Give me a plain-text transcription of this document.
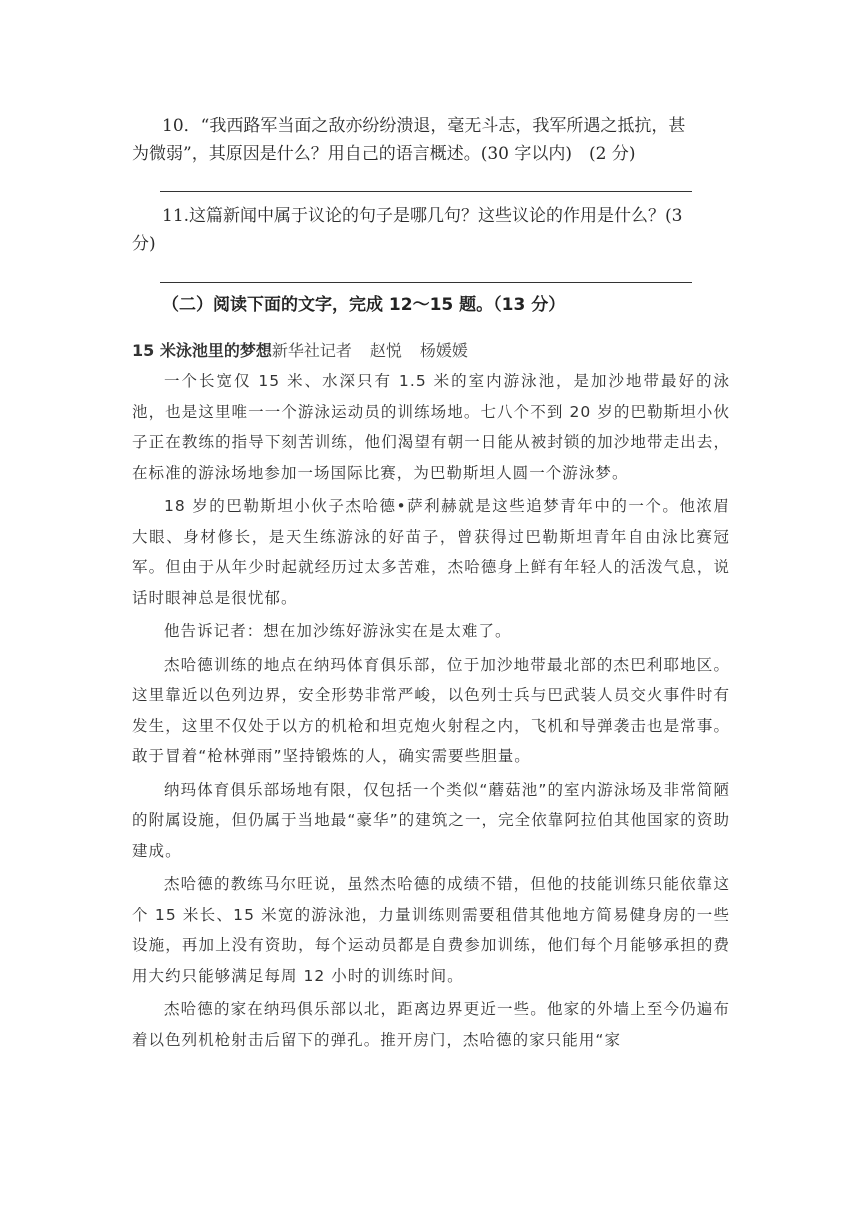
10．“我西路军当面之敌亦纷纷溃退，毫无斗志，我军所遇之抵抗，甚
为微弱”，其原因是什么？用自己的语言概述。(30 字以内)　(2 分)
11.这篇新闻中属于议论的句子是哪几句？这些议论的作用是什么？(3
分)
（二）阅读下面的文字，完成 12～15 题。（13 分）
15 米泳池里的梦想新华社记者 赵悦 杨媛媛

一个长宽仅 15 米、水深只有 1.5 米的室内游泳池，是加沙地带最好的泳池，也是这里唯一一个游泳运动员的训练场地。七八个不到 20 岁的巴勒斯坦小伙子正在教练的指导下刻苦训练，他们渴望有朝一日能从被封锁的加沙地带走出去，在标准的游泳场地参加一场国际比赛，为巴勒斯坦人圆一个游泳梦。

18 岁的巴勒斯坦小伙子杰哈德•萨利赫就是这些追梦青年中的一个。他浓眉大眼、身材修长，是天生练游泳的好苗子，曾获得过巴勒斯坦青年自由泳比赛冠军。但由于从年少时起就经历过太多苦难，杰哈德身上鲜有年轻人的活泼气息，说话时眼神总是很忧郁。

他告诉记者：想在加沙练好游泳实在是太难了。

杰哈德训练的地点在纳玛体育俱乐部，位于加沙地带最北部的杰巴利耶地区。这里靠近以色列边界，安全形势非常严峻，以色列士兵与巴武装人员交火事件时有发生，这里不仅处于以方的机枪和坦克炮火射程之内，飞机和导弹袭击也是常事。敢于冒着“枪林弹雨”坚持锻炼的人，确实需要些胆量。

纳玛体育俱乐部场地有限，仅包括一个类似“蘑菇池”的室内游泳场及非常简陋的附属设施，但仍属于当地最“豪华”的建筑之一，完全依靠阿拉伯其他国家的资助建成。

杰哈德的教练马尔旺说，虽然杰哈德的成绩不错，但他的技能训练只能依靠这个 15 米长、15 米宽的游泳池，力量训练则需要租借其他地方简易健身房的一些设施，再加上没有资助，每个运动员都是自费参加训练，他们每个月能够承担的费用大约只能够满足每周 12 小时的训练时间。

杰哈德的家在纳玛俱乐部以北，距离边界更近一些。他家的外墙上至今仍遍布着以色列机枪射击后留下的弹孔。推开房门，杰哈德的家只能用“家
